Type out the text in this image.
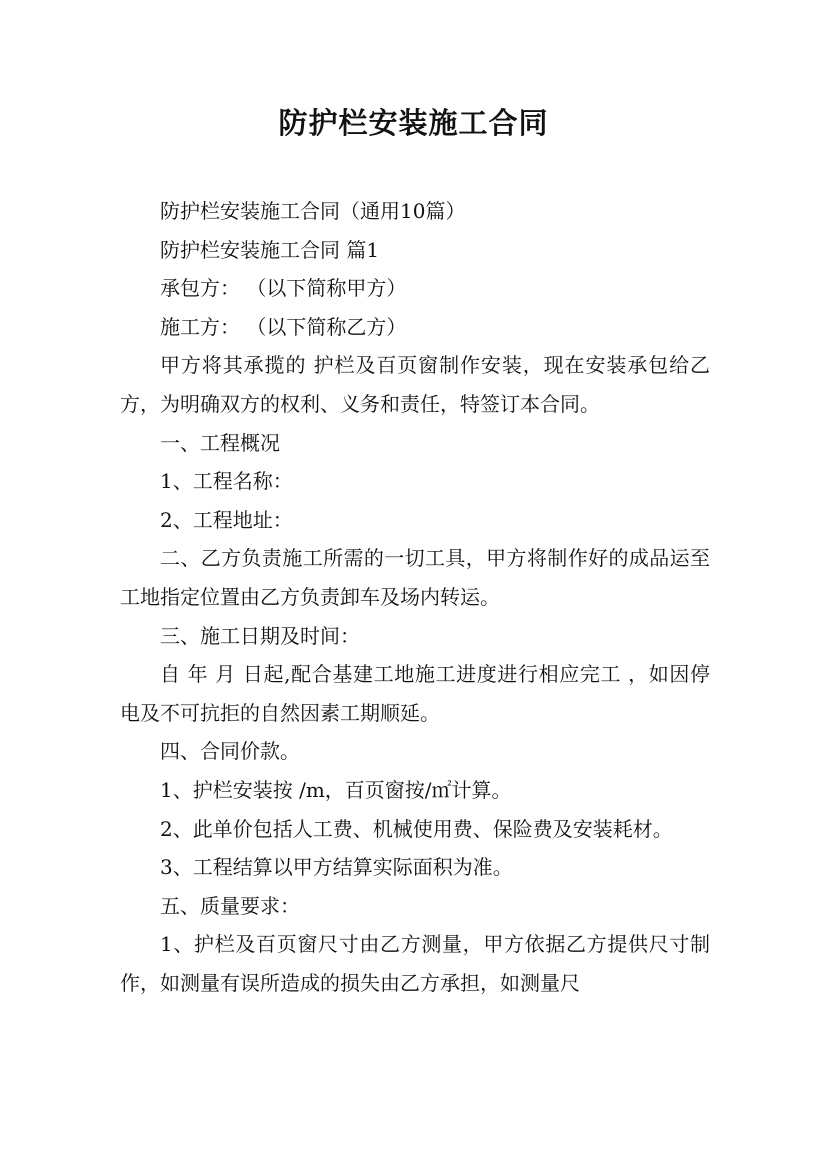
防护栏安装施工合同

防护栏安装施工合同（通用10篇）

防护栏安装施工合同 篇1

承包方： （以下简称甲方）

施工方： （以下简称乙方）

甲方将其承揽的 护栏及百页窗制作安装，现在安装承包给乙方，为明确双方的权利、义务和责任，特签订本合同。

一、工程概况

1、工程名称：

2、工程地址：

二、乙方负责施工所需的一切工具，甲方将制作好的成品运至工地指定位置由乙方负责卸车及场内转运。

三、施工日期及时间：

自 年 月 日起,配合基建工地施工进度进行相应完工 ，如因停电及不可抗拒的自然因素工期顺延。

四、合同价款。

1、护栏安装按 /m，百页窗按/㎡计算。

2、此单价包括人工费、机械使用费、保险费及安装耗材。

3、工程结算以甲方结算实际面积为准。

五、质量要求：

1、护栏及百页窗尺寸由乙方测量，甲方依据乙方提供尺寸制作，如测量有误所造成的损失由乙方承担，如测量尺
